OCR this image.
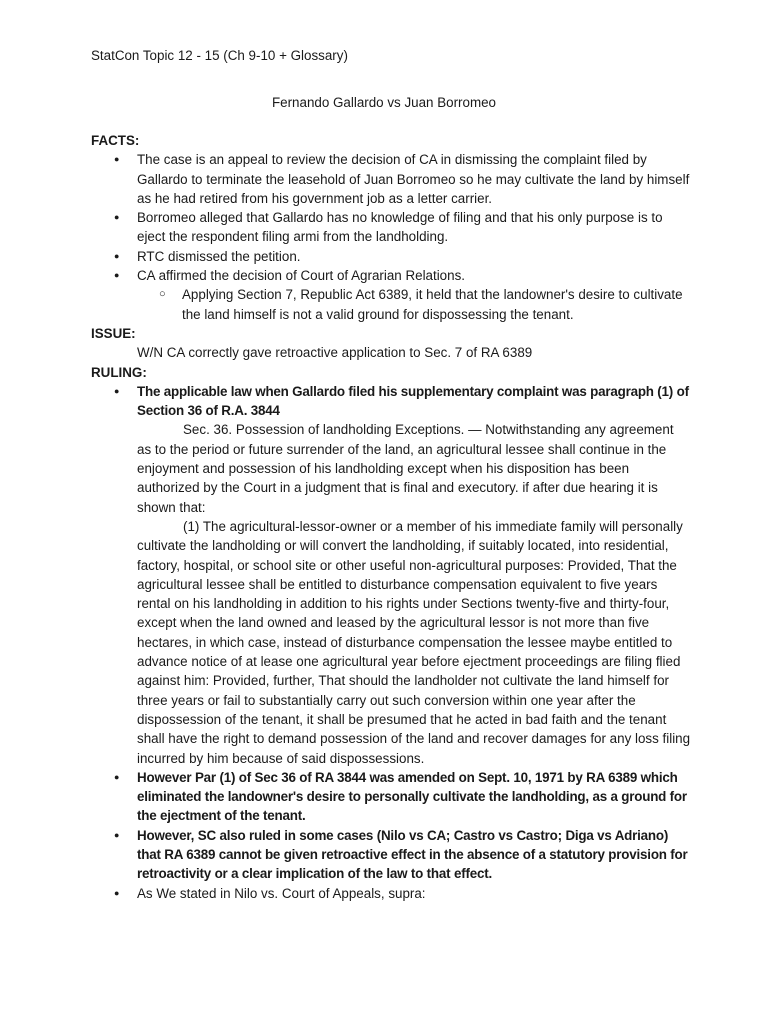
StatCon Topic 12 - 15 (Ch 9-10 + Glossary)
Fernando Gallardo vs Juan Borromeo

FACTS:

● The case is an appeal to review the decision of CA in dismissing the complaint filed by Gallardo to terminate the leasehold of Juan Borromeo so he may cultivate the land by himself as he had retired from his government job as a letter carrier.
● Borromeo alleged that Gallardo has no knowledge of filing and that his only purpose is to eject the respondent filing armi from the landholding.
● RTC dismissed the petition.
● CA affirmed the decision of Court of Agrarian Relations.
○ Applying Section 7, Republic Act 6389, it held that the landowner's desire to cultivate the land himself is not a valid ground for dispossessing the tenant.

ISSUE:

W/N CA correctly gave retroactive application to Sec. 7 of RA 6389

RULING:

● The applicable law when Gallardo filed his supplementary complaint was paragraph (1) of Section 36 of R.A. 3844
Sec. 36. Possession of landholding Exceptions. — Notwithstanding any agreement as to the period or future surrender of the land, an agricultural lessee shall continue in the enjoyment and possession of his landholding except when his disposition has been authorized by the Court in a judgment that is final and executory. if after due hearing it is shown that:
(1) The agricultural-lessor-owner or a member of his immediate family will personally cultivate the landholding or will convert the landholding, if suitably located, into residential, factory, hospital, or school site or other useful non-agricultural purposes: Provided, That the agricultural lessee shall be entitled to disturbance compensation equivalent to five years rental on his landholding in addition to his rights under Sections twenty-five and thirty-four, except when the land owned and leased by the agricultural lessor is not more than five hectares, in which case, instead of disturbance compensation the lessee maybe entitled to advance notice of at lease one agricultural year before ejectment proceedings are filing flied against him: Provided, further, That should the landholder not cultivate the land himself for three years or fail to substantially carry out such conversion within one year after the dispossession of the tenant, it shall be presumed that he acted in bad faith and the tenant shall have the right to demand possession of the land and recover damages for any loss filing incurred by him because of said dispossessions.
● However Par (1) of Sec 36 of RA 3844 was amended on Sept. 10, 1971 by RA 6389 which eliminated the landowner's desire to personally cultivate the landholding, as a ground for the ejectment of the tenant.
● However, SC also ruled in some cases (Nilo vs CA; Castro vs Castro; Diga vs Adriano) that RA 6389 cannot be given retroactive effect in the absence of a statutory provision for retroactivity or a clear implication of the law to that effect.
● As We stated in Nilo vs. Court of Appeals, supra:
